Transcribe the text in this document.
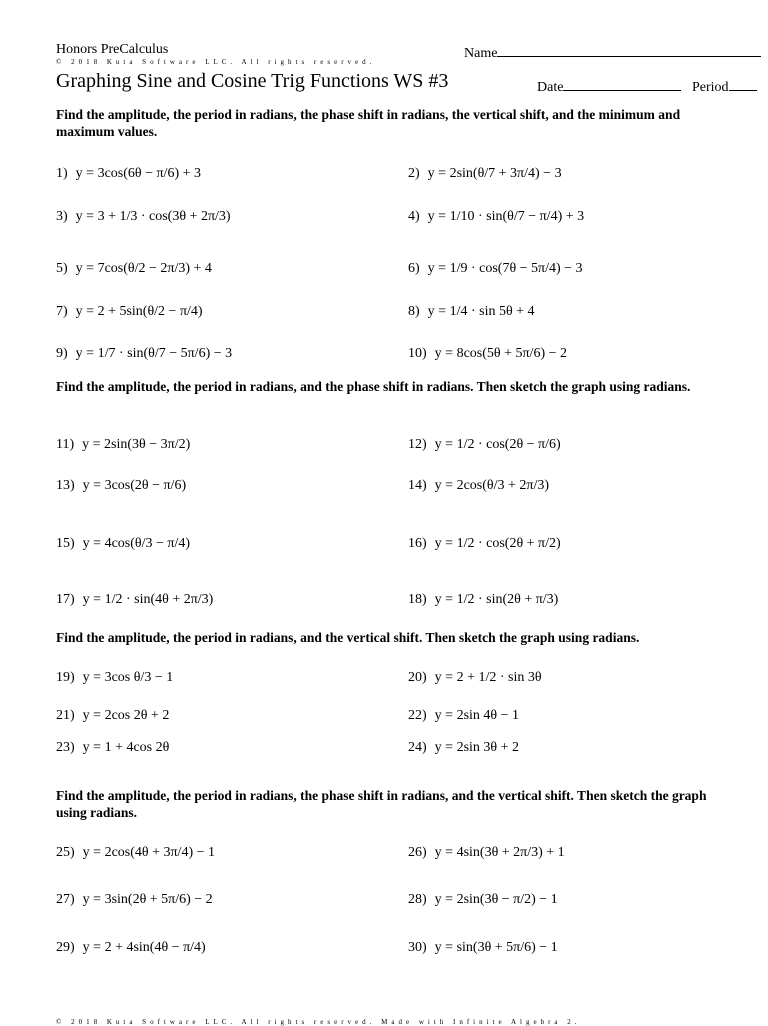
Honors PreCalculus
© 2018 Kuta Software LLC. All rights reserved.
Graphing Sine and Cosine Trig Functions WS #3
Name
Date	Period
Find the amplitude, the period in radians, the phase shift in radians, the vertical shift, and the minimum and maximum values.
Find the amplitude, the period in radians, and the phase shift in radians. Then sketch the graph using radians.
Find the amplitude, the period in radians, and the vertical shift. Then sketch the graph using radians.
Find the amplitude, the period in radians, the phase shift in radians, and the vertical shift. Then sketch the graph using radians.
1) y = 3cos(6θ − π/6) + 3	2) y = 2sin(θ/7 + 3π/4) − 3
3) y = 3 + 1/3 · cos(3θ + 2π/3)	4) y = 1/10 · sin(θ/7 − π/4) + 3
5) y = 7cos(θ/2 − 2π/3) + 4	6) y = 1/9 · cos(7θ − 5π/4) − 3
7) y = 2 + 5sin(θ/2 − π/4)	8) y = 1/4 · sin 5θ + 4
9) y = 1/7 · sin(θ/7 − 5π/6) − 3	10) y = 8cos(5θ + 5π/6) − 2
11) y = 2sin(3θ − 3π/2)	12) y = 1/2 · cos(2θ − π/6)
13) y = 3cos(2θ − π/6)	14) y = 2cos(θ/3 + 2π/3)
15) y = 4cos(θ/3 − π/4)	16) y = 1/2 · cos(2θ + π/2)
17) y = 1/2 · sin(4θ + 2π/3)	18) y = 1/2 · sin(2θ + π/3)
19) y = 3cos θ/3 − 1	20) y = 2 + 1/2 · sin 3θ
21) y = 2cos 2θ + 2	22) y = 2sin 4θ − 1
23) y = 1 + 4cos 2θ	24) y = 2sin 3θ + 2
25) y = 2cos(4θ + 3π/4) − 1	26) y = 4sin(3θ + 2π/3) + 1
27) y = 3sin(2θ + 5π/6) − 2	28) y = 2sin(3θ − π/2) − 1
29) y = 2 + 4sin(4θ − π/4)	30) y = sin(3θ + 5π/6) − 1
© 2018 Kuta Software LLC. All rights reserved. Made with Infinite Algebra 2.
